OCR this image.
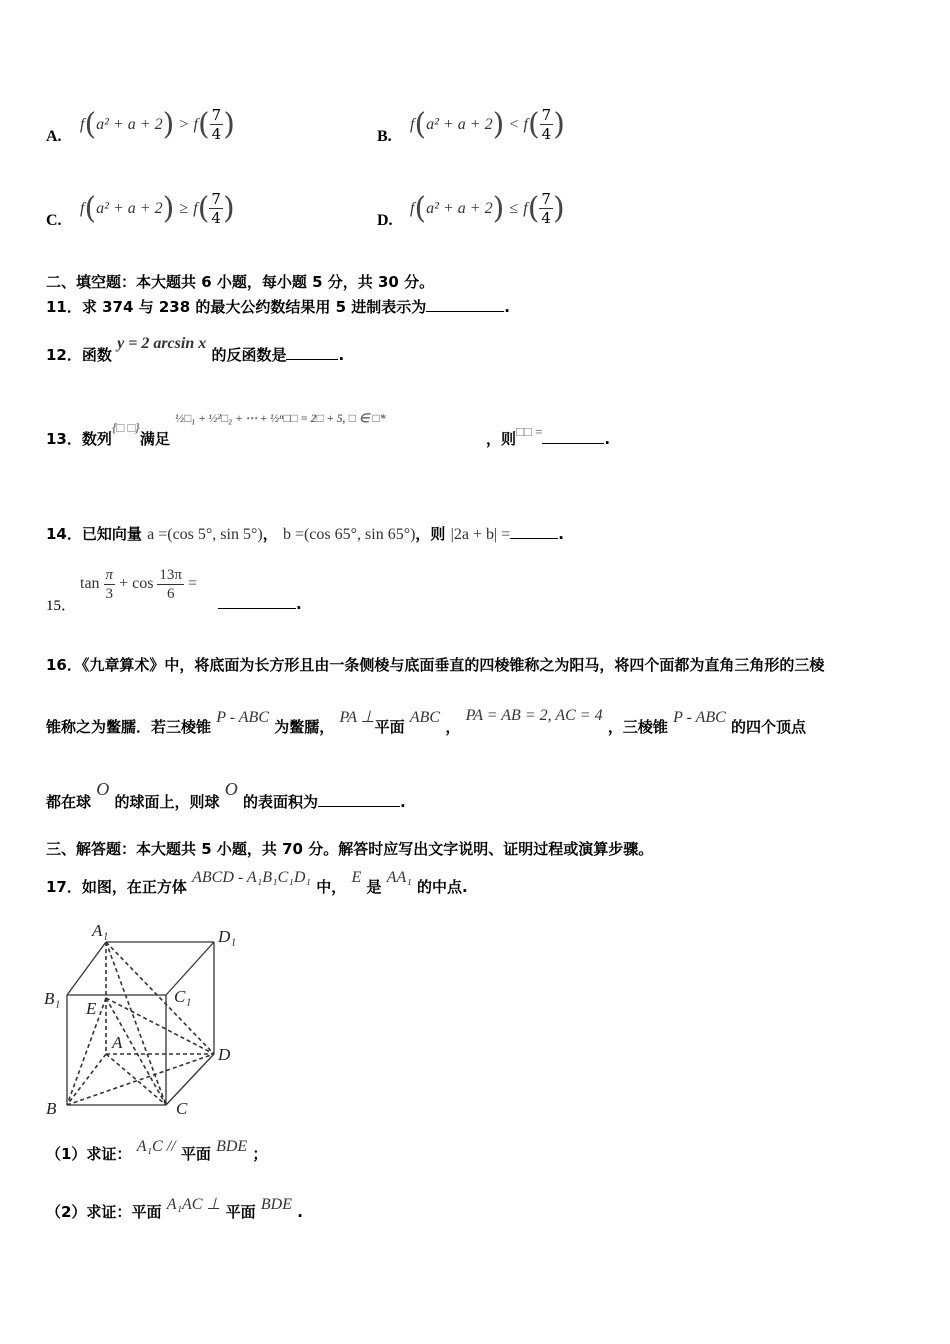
A.
$f(a^2 + a + 2) > f( \frac{7}{4}$ )	B.
$f(a^2 + a + 2) < f( \frac{7}{4}$ )
C.
$f(a^2 + a + 2) \ge f( \frac{7}{4}$ )	D.
$f(a^2 + a + 2) \le f( \frac{7}{4}$ )
二、填空题：本大题共 6 小题，每小题 5 分，共 30 分。
11．求 374 与 238 的最大公约数结果用 5 进制表示为	.
12．函数 y = 2 arcsin x 的反函数是	.
13．数列{□ □}满足 $^{\frac{1}{2}□_1 + \frac{1}{2}^2□_2 + \cdots + \frac{1}{2}^n□□ = 2□ + 5, □ \in □*}$
，则□□ =	.
14．已知向量 a =(cos 5°, sin 5°)， b =(cos 65°, sin 65°)，则 |2a + b| =	.
15．
$\tan \frac{\pi}{3} + \cos \frac{13\pi}{6}$ =
.
16．《九章算术》中，将底面为长方形且由一条侧棱与底面垂直的四棱锥称之为阳马，将四个面都为直角三角形的三棱
锥称之为鳖臑．若三棱锥 P - ABC 为鳖臑， PA ⊥平面 ABC ， PA = AB = 2, AC = 4 ，三棱锥 P - ABC 的四个顶点
都在球 O 的球面上，则球 O 的表面积为	.
三、解答题：本大题共 5 小题，共 70 分。解答时应写出文字说明、证明过程或演算步骤。
17．如图，在正方体 ABCD - A₁B₁C₁D₁ 中， E 是 AA₁ 的中点.
A₁	D₁
B₁	C₁
E
A
D
B	C
（1）求证： A₁C // 平面 BDE ；
（2）求证：平面 A₁AC ⊥ 平面 BDE .
